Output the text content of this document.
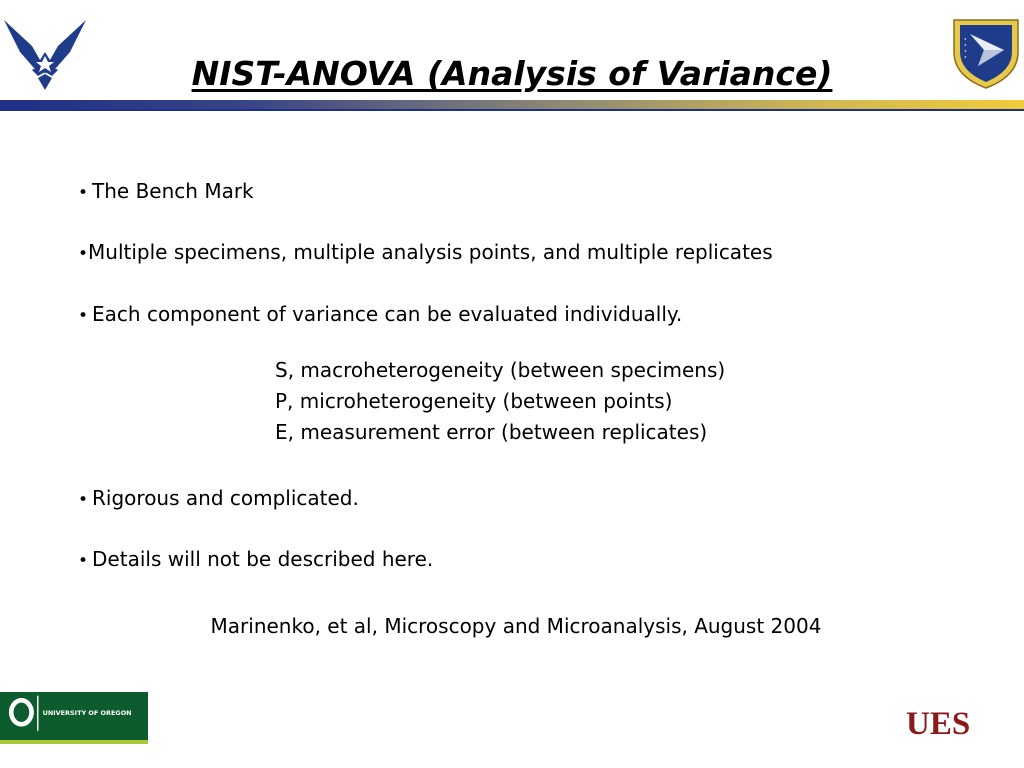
NIST-ANOVA (Analysis of Variance)
★
★
★
★
• The Bench Mark
•Multiple specimens, multiple analysis points, and multiple replicates
• Each component of variance can be evaluated individually.
S, macroheterogeneity (between specimens)
P, microheterogeneity (between points)
E, measurement error (between replicates)
• Rigorous and complicated.
• Details will not be described here.
Marinenko, et al, Microscopy and Microanalysis, August 2004
UNIVERSITY OF OREGON	UES
